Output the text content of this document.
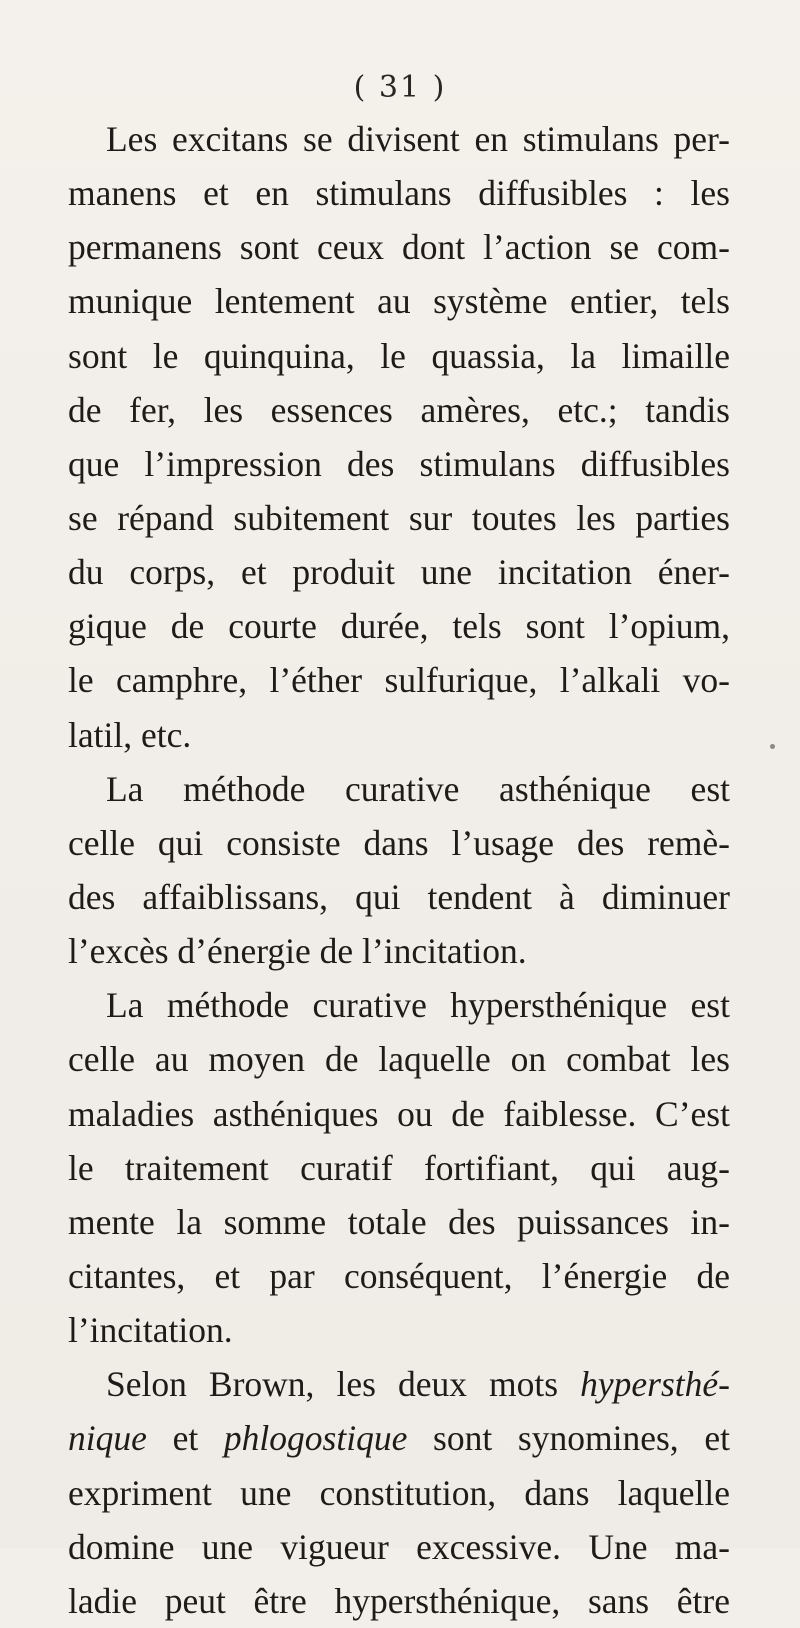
( 31 )
Les excitans se divisent en stimulans per-
manens et en stimulans diffusibles : les
permanens sont ceux dont l’action se com-
munique lentement au système entier, tels
sont le quinquina, le quassia, la limaille
de fer, les essences amères, etc.; tandis
que l’impression des stimulans diffusibles
se répand subitement sur toutes les parties
du corps, et produit une incitation éner-
gique de courte durée, tels sont l’opium,
le camphre, l’éther sulfurique, l’alkali vo-
latil, etc.
La méthode curative asthénique est
celle qui consiste dans l’usage des remè-
des affaiblissans, qui tendent à diminuer
l’excès d’énergie de l’incitation.
La méthode curative hypersthénique est
celle au moyen de laquelle on combat les
maladies asthéniques ou de faiblesse. C’est
le traitement curatif fortifiant, qui aug-
mente la somme totale des puissances in-
citantes, et par conséquent, l’énergie de
l’incitation.
Selon Brown, les deux mots hypersthé-
nique et phlogostique sont synomines, et
expriment une constitution, dans laquelle
domine une vigueur excessive. Une ma-
ladie peut être hypersthénique, sans être
